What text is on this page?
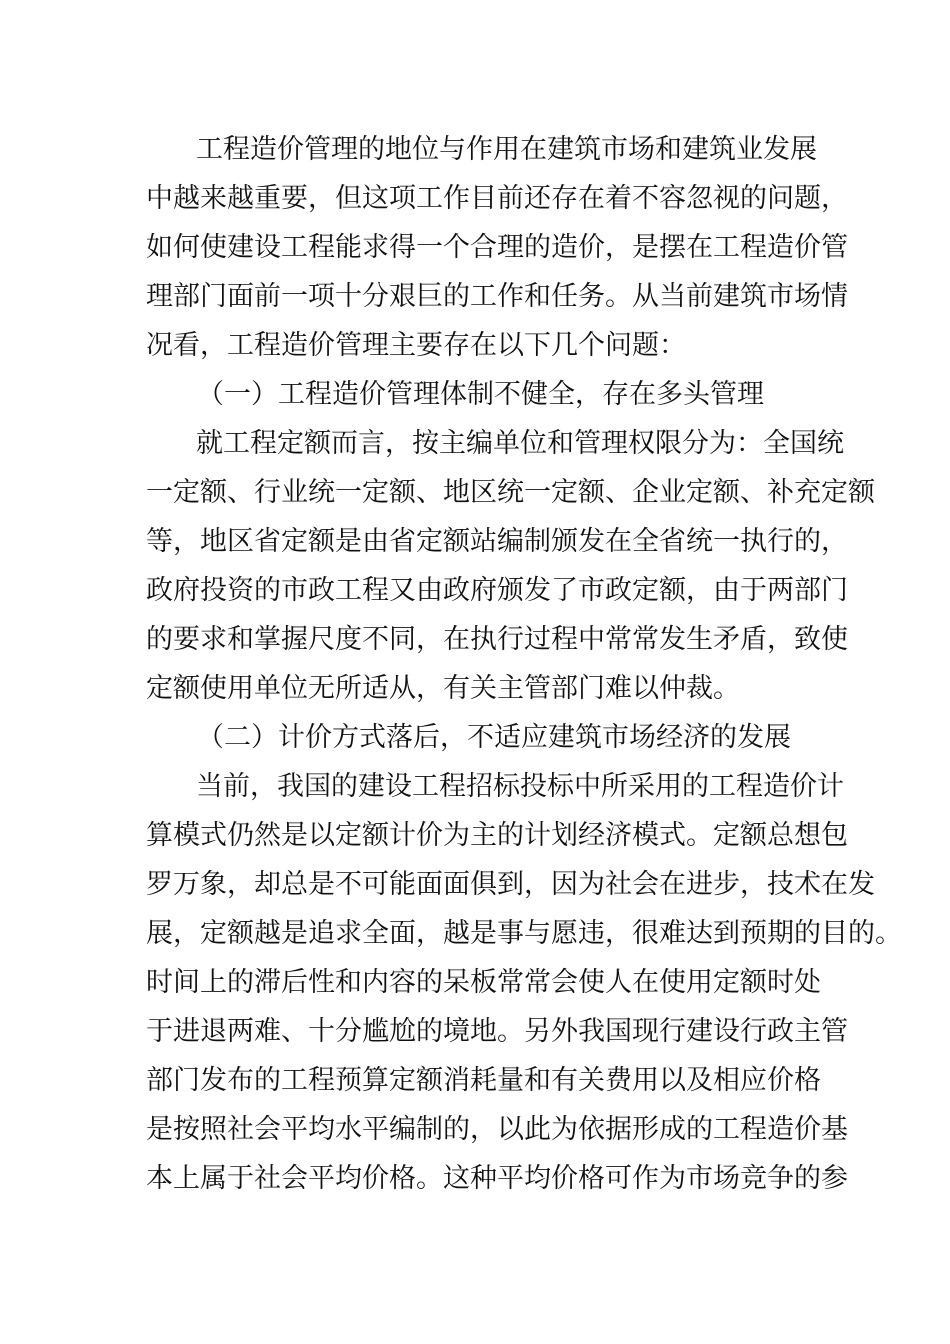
工程造价管理的地位与作用在建筑市场和建筑业发展
中越来越重要，但这项工作目前还存在着不容忽视的问题，
如何使建设工程能求得一个合理的造价，是摆在工程造价管
理部门面前一项十分艰巨的工作和任务。从当前建筑市场情
况看，工程造价管理主要存在以下几个问题：
（一）工程造价管理体制不健全，存在多头管理
就工程定额而言，按主编单位和管理权限分为：全国统
一定额、行业统一定额、地区统一定额、企业定额、补充定额
等，地区省定额是由省定额站编制颁发在全省统一执行的，
政府投资的市政工程又由政府颁发了市政定额，由于两部门
的要求和掌握尺度不同，在执行过程中常常发生矛盾，致使
定额使用单位无所适从，有关主管部门难以仲裁。
（二）计价方式落后，不适应建筑市场经济的发展
当前，我国的建设工程招标投标中所采用的工程造价计
算模式仍然是以定额计价为主的计划经济模式。定额总想包
罗万象，却总是不可能面面俱到，因为社会在进步，技术在发
展，定额越是追求全面，越是事与愿违，很难达到预期的目的。
时间上的滞后性和内容的呆板常常会使人在使用定额时处
于进退两难、十分尴尬的境地。另外我国现行建设行政主管
部门发布的工程预算定额消耗量和有关费用以及相应价格
是按照社会平均水平编制的，以此为依据形成的工程造价基
本上属于社会平均价格。这种平均价格可作为市场竞争的参
